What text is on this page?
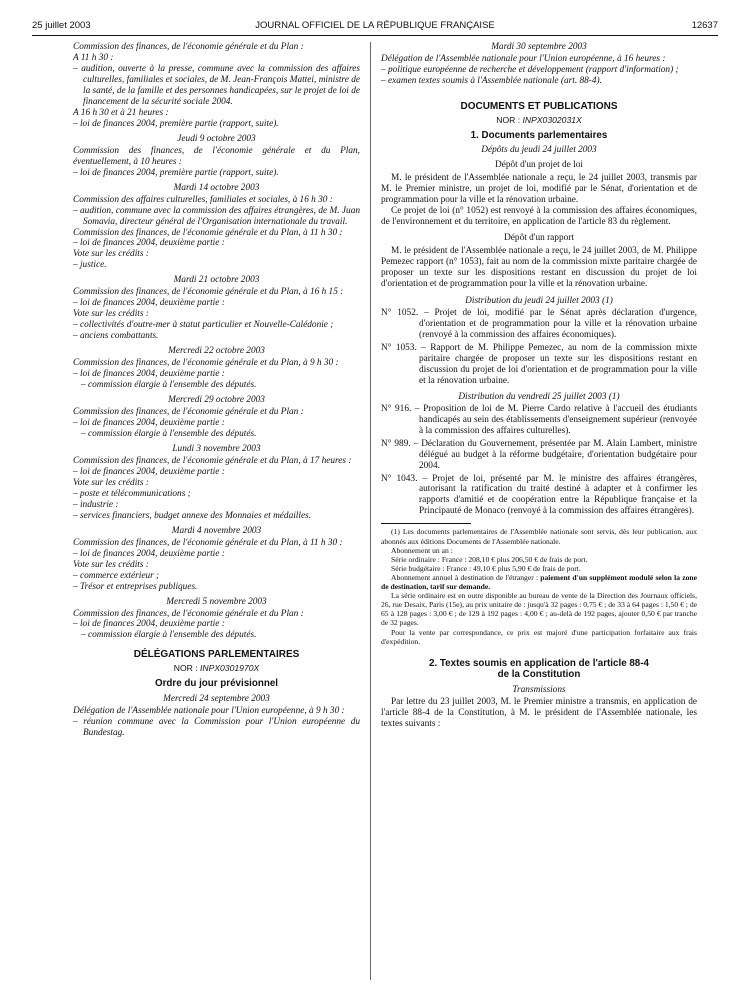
25 juillet 2003	JOURNAL OFFICIEL DE LA RÉPUBLIQUE FRANÇAISE	12637

Commission des finances, de l'économie générale et du Plan :

A 11 h 30 :

– audition, ouverte à la presse, commune avec la commission des affaires culturelles, familiales et sociales, de M. Jean-François Mattei, ministre de la santé, de la famille et des personnes handicapées, sur le projet de loi de financement de la sécurité sociale 2004.

A 16 h 30 et à 21 heures :

– loi de finances 2004, première partie (rapport, suite).

Jeudi 9 octobre 2003

Commission des finances, de l'économie générale et du Plan, éventuellement, à 10 heures :

– loi de finances 2004, première partie (rapport, suite).

Mardi 14 octobre 2003

Commission des affaires culturelles, familiales et sociales, à 16 h 30 :

– audition, commune avec la commission des affaires étrangères, de M. Juan Somavia, directeur général de l'Organisation internationale du travail.

Commission des finances, de l'économie générale et du Plan, à 11 h 30 :

– loi de finances 2004, deuxième partie :

Vote sur les crédits :

– justice.

Mardi 21 octobre 2003

Commission des finances, de l'économie générale et du Plan, à 16 h 15 :

– loi de finances 2004, deuxième partie :

Vote sur les crédits :

– collectivités d'outre-mer à statut particulier et Nouvelle-Calédonie ;

– anciens combattants.

Mercredi 22 octobre 2003

Commission des finances, de l'économie générale et du Plan, à 9 h 30 :

– loi de finances 2004, deuxième partie :

– commission élargie à l'ensemble des députés.

Mercredi 29 octobre 2003

Commission des finances, de l'économie générale et du Plan :

– loi de finances 2004, deuxième partie :

– commission élargie à l'ensemble des députés.

Lundi 3 novembre 2003

Commission des finances, de l'économie générale et du Plan, à 17 heures :

– loi de finances 2004, deuxième partie :

Vote sur les crédits :

– poste et télécommunications ;

– industrie :

– services financiers, budget annexe des Monnaies et médailles.

Mardi 4 novembre 2003

Commission des finances, de l'économie générale et du Plan, à 11 h 30 :

– loi de finances 2004, deuxième partie :

Vote sur les crédits :

– commerce extérieur ;

– Trésor et entreprises publiques.

Mercredi 5 novembre 2003

Commission des finances, de l'économie générale et du Plan :

– loi de finances 2004, deuxième partie :

– commission élargie à l'ensemble des députés.

DÉLÉGATIONS PARLEMENTAIRES

NOR : INPX0301970X

Ordre du jour prévisionnel

Mercredi 24 septembre 2003

Délégation de l'Assemblée nationale pour l'Union européenne, à 9 h 30 :

– réunion commune avec la Commission pour l'Union européenne du Bundestag.

Mardi 30 septembre 2003

Délégation de l'Assemblée nationale pour l'Union européenne, à 16 heures :

– politique européenne de recherche et développement (rapport d'information) ;

– examen textes soumis à l'Assemblée nationale (art. 88-4).

DOCUMENTS ET PUBLICATIONS

NOR : INPX0302031X

1. Documents parlementaires

Dépôts du jeudi 24 juillet 2003

Dépôt d'un projet de loi

M. le président de l'Assemblée nationale a reçu, le 24 juillet 2003, transmis par M. le Premier ministre, un projet de loi, modifié par le Sénat, d'orientation et de programmation pour la ville et la rénovation urbaine.

Ce projet de loi (n° 1052) est renvoyé à la commission des affaires économiques, de l'environnement et du territoire, en application de l'article 83 du règlement.

Dépôt d'un rapport

M. le président de l'Assemblée nationale a reçu, le 24 juillet 2003, de M. Philippe Pemezec rapport (n° 1053), fait au nom de la commission mixte paritaire chargée de proposer un texte sur les dispositions restant en discussion du projet de loi d'orientation et de programmation pour la ville et la rénovation urbaine.

Distribution du jeudi 24 juillet 2003 (1)

N° 1052. – Projet de loi, modifié par le Sénat après déclaration d'urgence, d'orientation et de programmation pour la ville et la rénovation urbaine (renvoyé à la commission des affaires économiques).

N° 1053. – Rapport de M. Philippe Pemezec, au nom de la commission mixte paritaire chargée de proposer un texte sur les dispositions restant en discussion du projet de loi d'orientation et de programmation pour la ville et la rénovation urbaine.

Distribution du vendredi 25 juillet 2003 (1)

N° 916. – Proposition de loi de M. Pierre Cardo relative à l'accueil des étudiants handicapés au sein des établissements d'enseignement supérieur (renvoyée à la commission des affaires culturelles).

N° 989. – Déclaration du Gouvernement, présentée par M. Alain Lambert, ministre délégué au budget à la réforme budgétaire, d'orientation budgétaire pour 2004.

N° 1043. – Projet de loi, présenté par M. le ministre des affaires étrangères, autorisant la ratification du traité destiné à adapter et à confirmer les rapports d'amitié et de coopération entre la République française et la Principauté de Monaco (renvoyé à la commission des affaires étrangères).

(1) Les documents parlementaires de l'Assemblée nationale sont servis, dès leur publication, aux abonnés aux éditions Documents de l'Assemblée nationale.

Abonnement un an :

Série ordinaire : France : 208,10 € plus 206,50 € de frais de port.

Série budgétaire : France : 49,10 € plus 5,90 € de frais de port.

Abonnement annuel à destination de l'étranger : paiement d'un supplément modulé selon la zone de destination, tarif sur demande.

La série ordinaire est en outre disponible au bureau de vente de la Direction des Journaux officiels, 26, rue Desaix, Paris (15e), au prix unitaire de : jusqu'à 32 pages : 0,75 € ; de 33 à 64 pages : 1,50 € ; de 65 à 128 pages : 3,00 € ; de 129 à 192 pages : 4,00 € ; au-delà de 192 pages, ajouter 0,50 € par tranche de 32 pages.

Pour la vente par correspondance, ce prix est majoré d'une participation forfaitaire aux frais d'expédition.

2. Textes soumis en application de l'article 88-4

de la Constitution

Transmissions

Par lettre du 23 juillet 2003, M. le Premier ministre a transmis, en application de l'article 88-4 de la Constitution, à M. le président de l'Assemblée nationale, les textes suivants :
